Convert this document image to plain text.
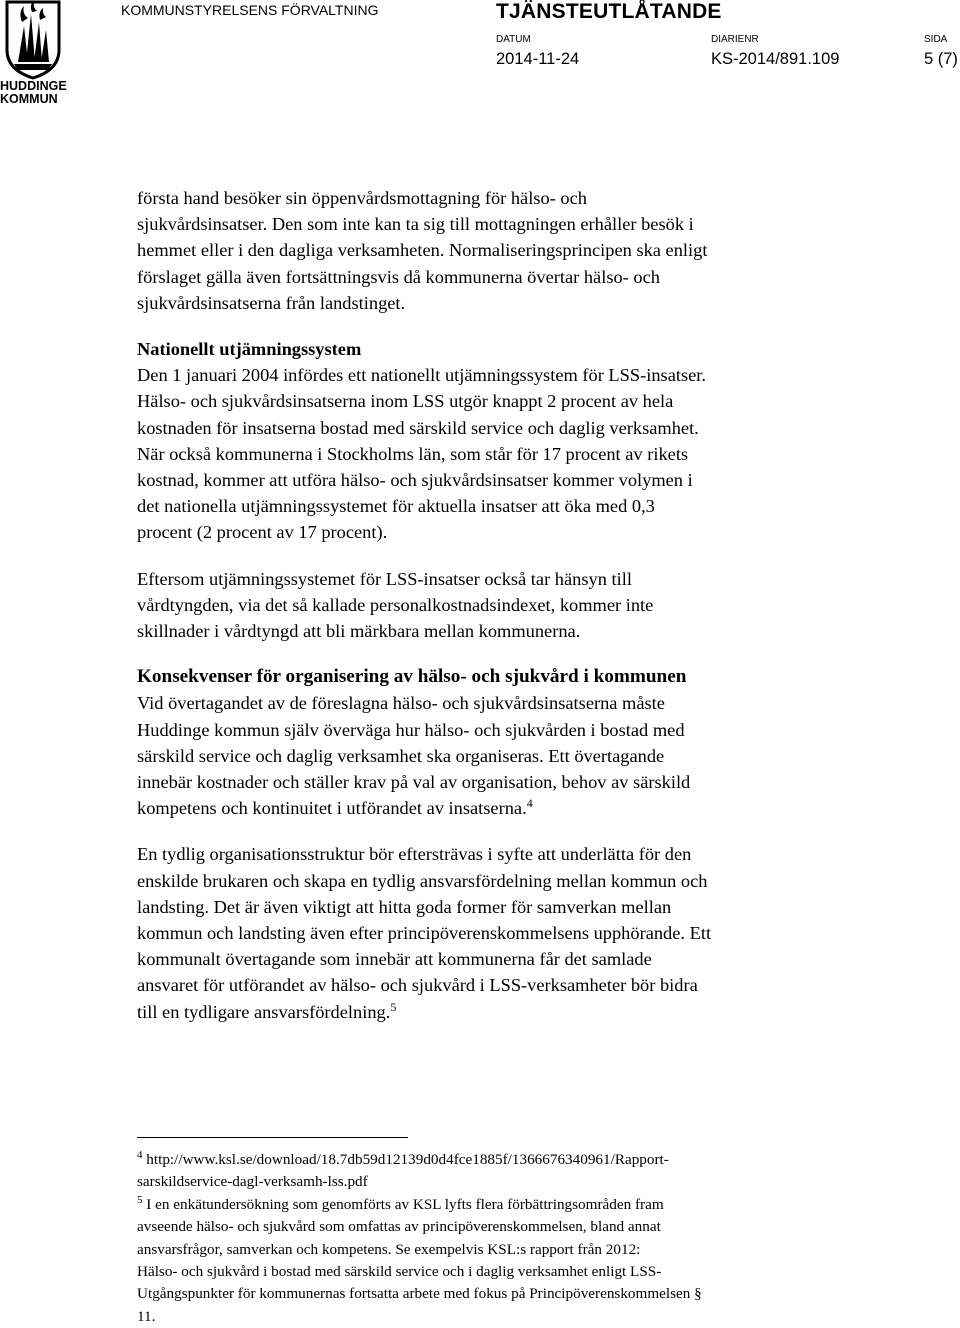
HUDDINGE
KOMMUN
KOMMUNSTYRELSENS FÖRVALTNING	TJÄNSTEUTLÅTANDE
DATUM
2014-11-24
DIARIENR
KS-2014/891.109
SIDA
5 (7)

första hand besöker sin öppenvårdsmottagning för hälso- och
sjukvårdsinsatser. Den som inte kan ta sig till mottagningen erhåller besök i
hemmet eller i den dagliga verksamheten. Normaliseringsprincipen ska enligt
förslaget gälla även fortsättningsvis då kommunerna övertar hälso- och
sjukvårdsinsatserna från landstinget.

Nationellt utjämningssystem

Den 1 januari 2004 infördes ett nationellt utjämningssystem för LSS-insatser.
Hälso- och sjukvårdsinsatserna inom LSS utgör knappt 2 procent av hela
kostnaden för insatserna bostad med särskild service och daglig verksamhet.
När också kommunerna i Stockholms län, som står för 17 procent av rikets
kostnad, kommer att utföra hälso- och sjukvårdsinsatser kommer volymen i
det nationella utjämningssystemet för aktuella insatser att öka med 0,3
procent (2 procent av 17 procent).

Eftersom utjämningssystemet för LSS-insatser också tar hänsyn till
vårdtyngden, via det så kallade personalkostnadsindexet, kommer inte
skillnader i vårdtyngd att bli märkbara mellan kommunerna.

Konsekvenser för organisering av hälso- och sjukvård i kommunen

Vid övertagandet av de föreslagna hälso- och sjukvårdsinsatserna måste
Huddinge kommun själv överväga hur hälso- och sjukvården i bostad med
särskild service och daglig verksamhet ska organiseras. Ett övertagande
innebär kostnader och ställer krav på val av organisation, behov av särskild
kompetens och kontinuitet i utförandet av insatserna.$^4$

En tydlig organisationsstruktur bör eftersträvas i syfte att underlätta för den
enskilde brukaren och skapa en tydlig ansvarsfördelning mellan kommun och
landsting. Det är även viktigt att hitta goda former för samverkan mellan
kommun och landsting även efter principöverenskommelsens upphörande. Ett
kommunalt övertagande som innebär att kommunerna får det samlade
ansvaret för utförandet av hälso- och sjukvård i LSS-verksamheter bör bidra
till en tydligare ansvarsfördelning.$^5$

$^4$ http://www.ksl.se/download/18.7db59d12139d0d4fce1885f/1366676340961/Rapport-
sarskildservice-dagl-verksamh-lss.pdf
$^5$ I en enkätundersökning som genomförts av KSL lyfts flera förbättringsområden fram
avseende hälso- och sjukvård som omfattas av principöverenskommelsen, bland annat
ansvarsfrågor, samverkan och kompetens. Se exempelvis KSL:s rapport från 2012:
Hälso- och sjukvård i bostad med särskild service och i daglig verksamhet enligt LSS-
Utgångspunkter för kommunernas fortsatta arbete med fokus på Principöverenskommelsen §
11.
